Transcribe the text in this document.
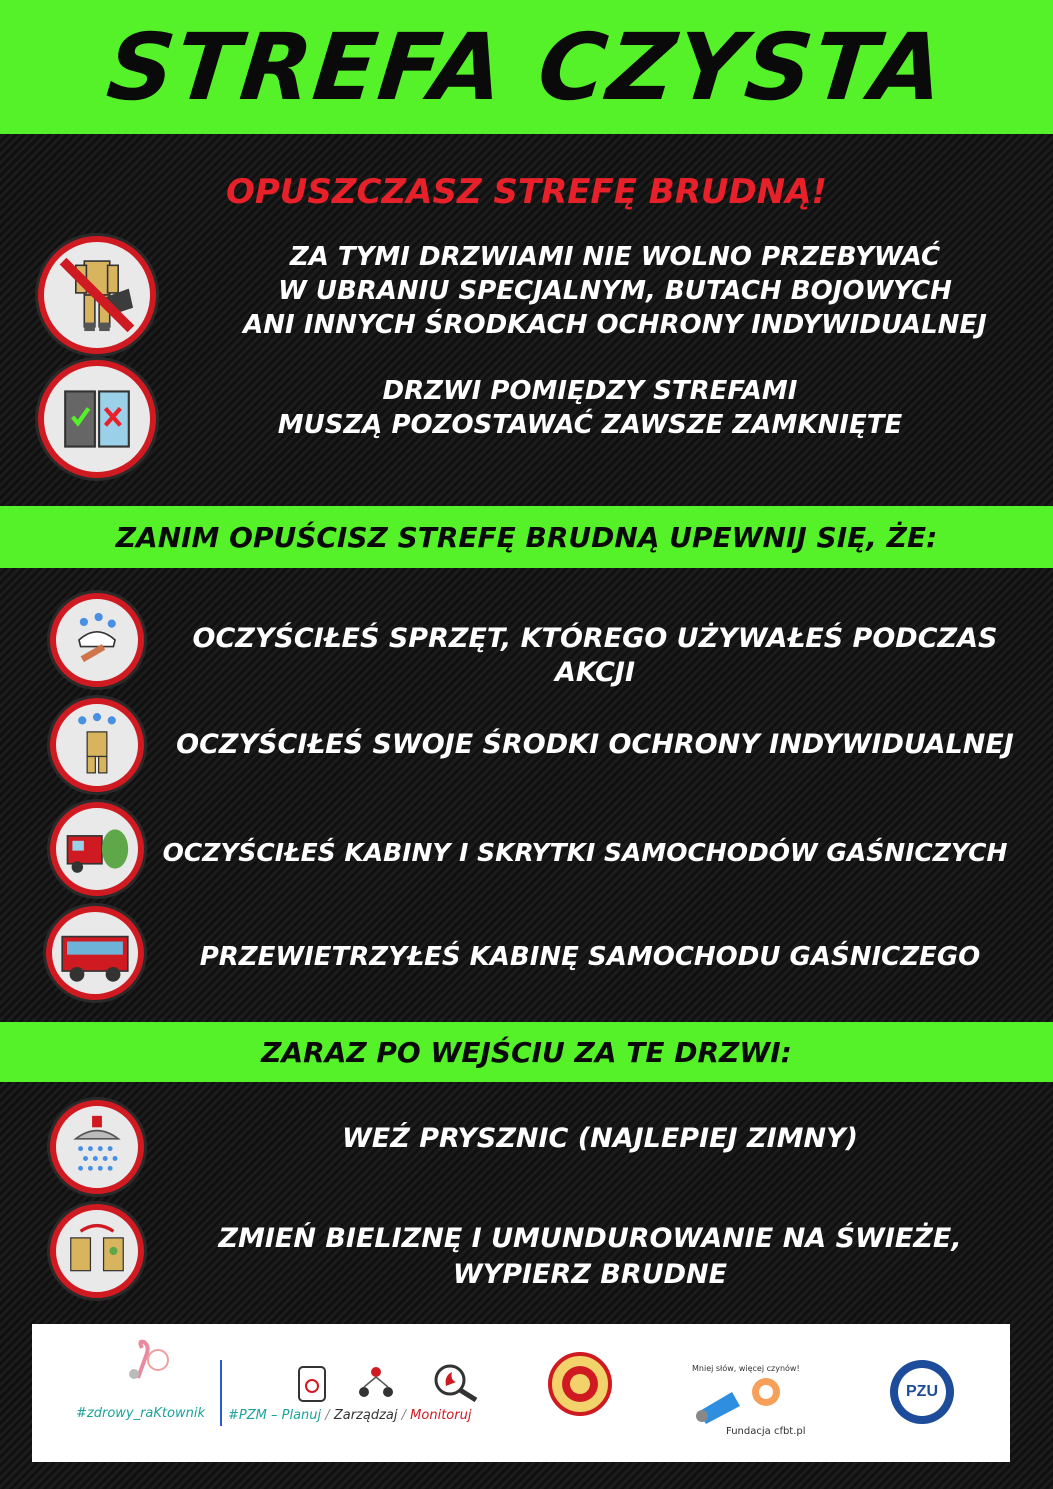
STREFA CZYSTA
OPUSZCZASZ STREFĘ BRUDNĄ!
ZA TYMI DRZWIAMI NIE WOLNO PRZEBYWAĆ
W UBRANIU SPECJALNYM, BUTACH BOJOWYCH
ANI INNYCH ŚRODKACH OCHRONY INDYWIDUALNEJ
DRZWI POMIĘDZY STREFAMI
MUSZĄ POZOSTAWAĆ ZAWSZE ZAMKNIĘTE
ZANIM OPUŚCISZ STREFĘ BRUDNĄ UPEWNIJ SIĘ, ŻE:
OCZYŚCIŁEŚ SPRZĘT, KTÓREGO UŻYWAŁEŚ PODCZAS AKCJI
OCZYŚCIŁEŚ SWOJE ŚRODKI OCHRONY INDYWIDUALNEJ
OCZYŚCIŁEŚ KABINY I SKRYTKI SAMOCHODÓW GAŚNICZYCH
PRZEWIETRZYŁEŚ KABINĘ SAMOCHODU GAŚNICZEGO
ZARAZ PO WEJŚCIU ZA TE DRZWI:
WEŹ PRYSZNIC (NAJLEPIEJ ZIMNY)
ZMIEŃ BIELIZNĘ I UMUNDUROWANIE NA ŚWIEŻE,
WYPIERZ BRUDNE
#zdrowy_raKtownik #PZM – Planuj / Zarządzaj / Monitoruj
Mniej słów, więcej czynów!
Fundacja cfbt.pl
PZU
